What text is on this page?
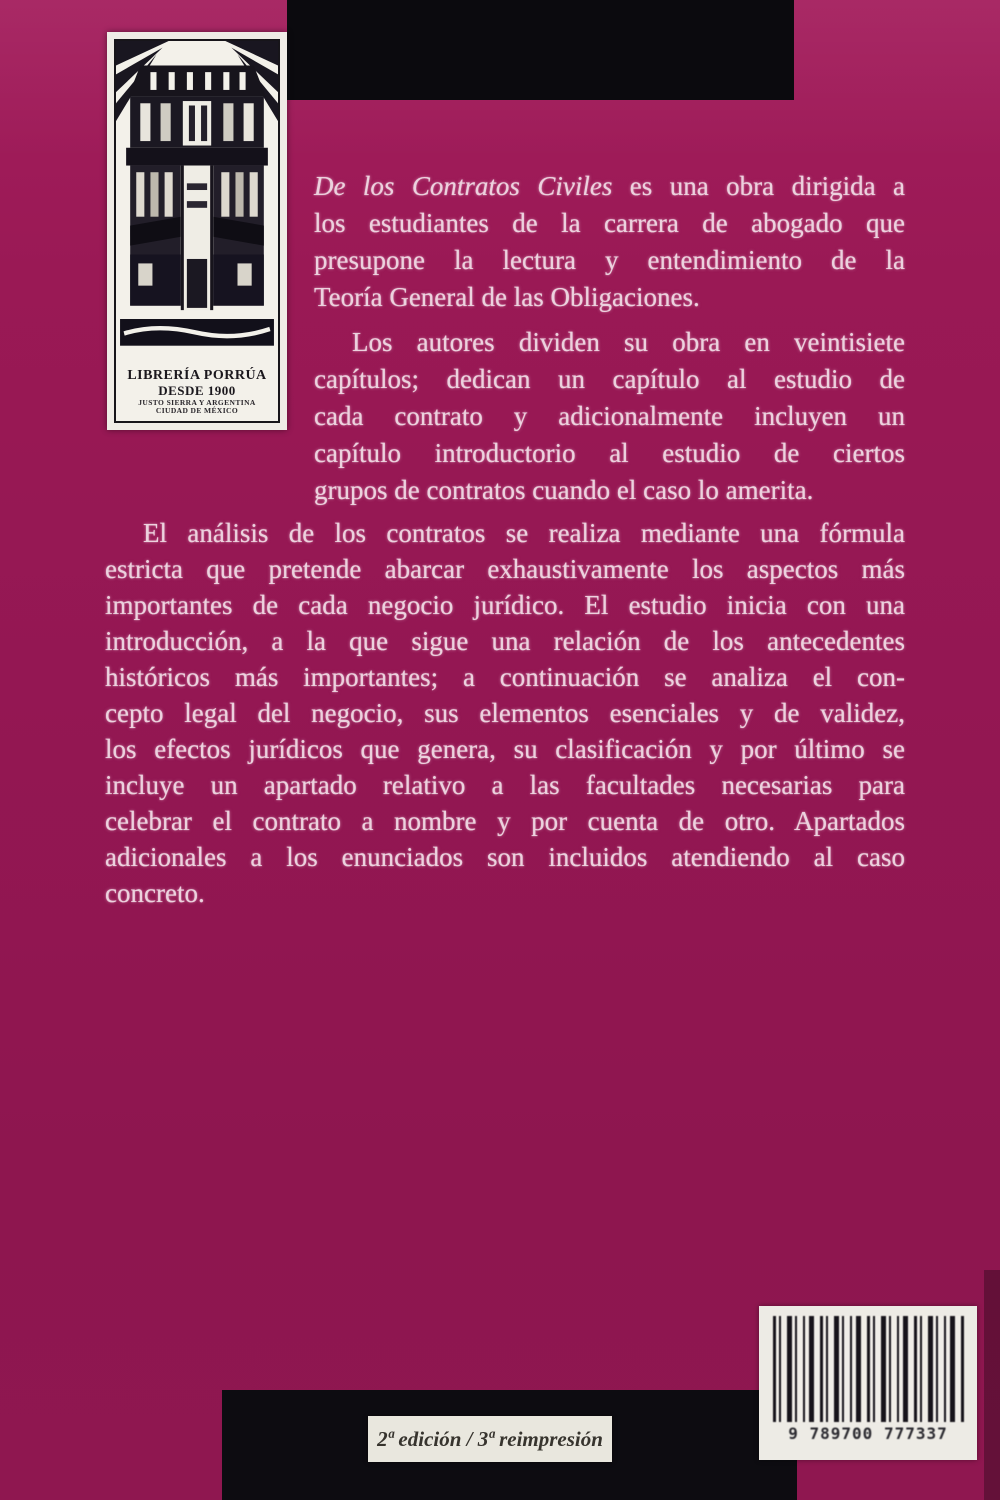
LIBRERÍA PORRÚA
DESDE 1900
JUSTO SIERRA Y ARGENTINA
CIUDAD DE MÉXICO
De los Contratos Civiles es una obra dirigida a
los estudiantes de la carrera de abogado que
presupone la lectura y entendimiento de la
Teoría General de las Obligaciones.
Los autores dividen su obra en veintisiete
capítulos; dedican un capítulo al estudio de
cada contrato y adicionalmente incluyen un
capítulo introductorio al estudio de ciertos
grupos de contratos cuando el caso lo amerita.
El análisis de los contratos se realiza mediante una fórmula
estricta que pretende abarcar exhaustivamente los aspectos más
importantes de cada negocio jurídico. El estudio inicia con una
introducción, a la que sigue una relación de los antecedentes
históricos más importantes; a continuación se analiza el con-
cepto legal del negocio, sus elementos esenciales y de validez,
los efectos jurídicos que genera, su clasificación y por último se
incluye un apartado relativo a las facultades necesarias para
celebrar el contrato a nombre y por cuenta de otro. Apartados
adicionales a los enunciados son incluidos atendiendo al caso
concreto.
2ª edición / 3ª reimpresión	9 789700 777337
